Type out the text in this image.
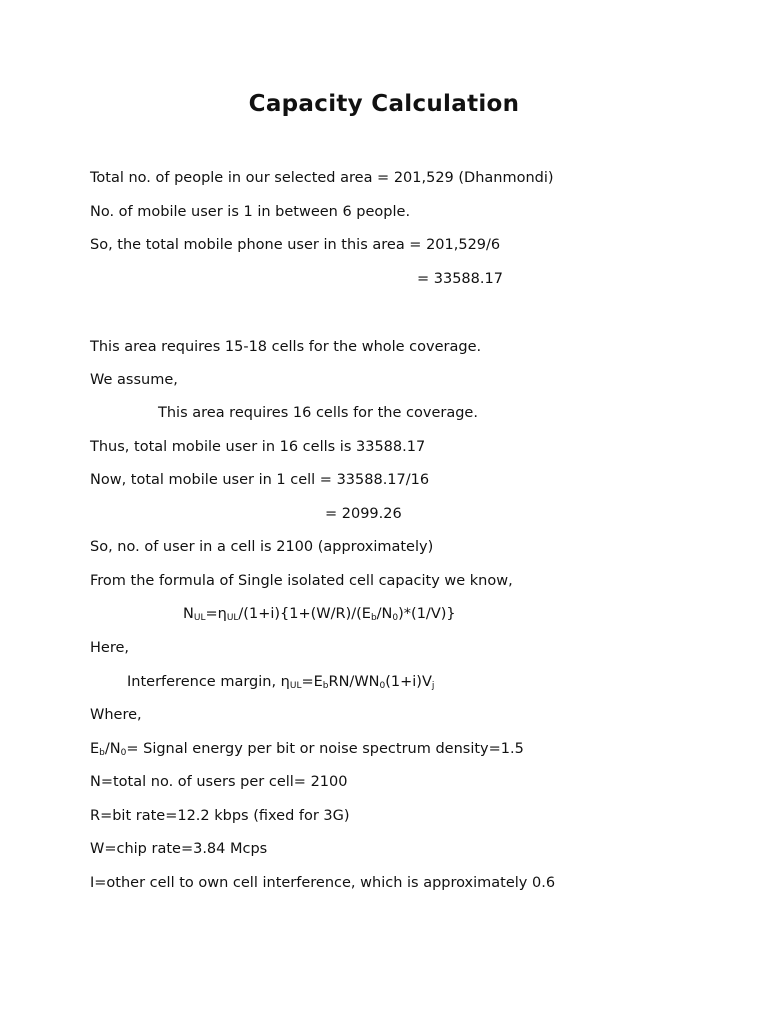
Capacity Calculation
Total no. of people in our selected area = 201,529 (Dhanmondi)
No. of mobile user is 1 in between 6 people.
So, the total mobile phone user in this area = 201,529/6
= 33588.17
This area requires 15-18 cells for the whole coverage.
We assume,
This area requires 16 cells for the coverage.
Thus, total mobile user in 16 cells is 33588.17
Now, total mobile user in 1 cell = 33588.17/16
= 2099.26
So, no. of user in a cell is 2100 (approximately)
From the formula of Single isolated cell capacity we know,
$N_{UL}=\eta_{UL}/(1+i)\{1+(W/R)/(E_b/N_0)*(1/V)\}$
Here,
Interference margin, $\eta_{UL}=E_bRN/WN_0(1+i)V_j$
Where,
$E_b/N_0=$ Signal energy per bit or noise spectrum density=1.5
N=total no. of users per cell= 2100
R=bit rate=12.2 kbps (fixed for 3G)
W=chip rate=3.84 Mcps
I=other cell to own cell interference, which is approximately 0.6
